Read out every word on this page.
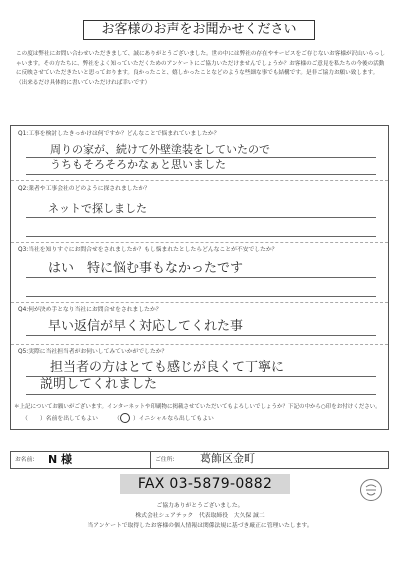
お客様のお声をお聞かせください
この度は弊社にお問い合わせいただきまして、誠にありがとうございました。世の中には弊社の存在やサービスをご存じないお客様が沢山いらっしゃいます。その方たちに、弊社をよく知っていただくためのアンケートにご協力いただけませんでしょうか？お客様のご意見を私たちの今後の活動に反映させていただきたいと思っております。良かったこと、嬉しかったことなどのような些細な事でも結構です。是非ご協力お願い致します。（出来るだけ具体的に書いていただければ幸いです）
Q1:工事を検討したきっかけは何ですか？どんなことで悩まれていましたか？
周りの家が、続けて外壁塗装をしていたので
うちもそろそろかなぁと思いました
Q2:業者や工事会社のどのように探されましたか？
ネットで探しました
Q3:当社を知りすぐにお問合せをされましたか？もし悩まれたとしたらどんなことが不安でしたか？
はい　特に悩む事もなかったです
Q4:何が決め手となり当社にお問合せをされましたか？
早い返信が早く対応してくれた事
Q5:実際に当社担当者がお伺いしてみていかがでしたか？
担当者の方はとても感じが良くて丁寧に
説明してくれました
＊上記についてお願いがございます。インターネットや印刷物に掲載させていただいてもよろしいでしょうか？下記の中から○印をお付けください。
（ ）名前を出してもよい	（ ）イニシャルなら出してもよい
お名前: N 様	ご住所: 葛飾区金町
FAX 03-5879-0882
ご協力ありがとうございました。
株式会社シェアテック　代表取締役　大久保 誠二
当アンケートで取得したお客様の個人情報は関係法規に基づき厳正に管理いたします。
